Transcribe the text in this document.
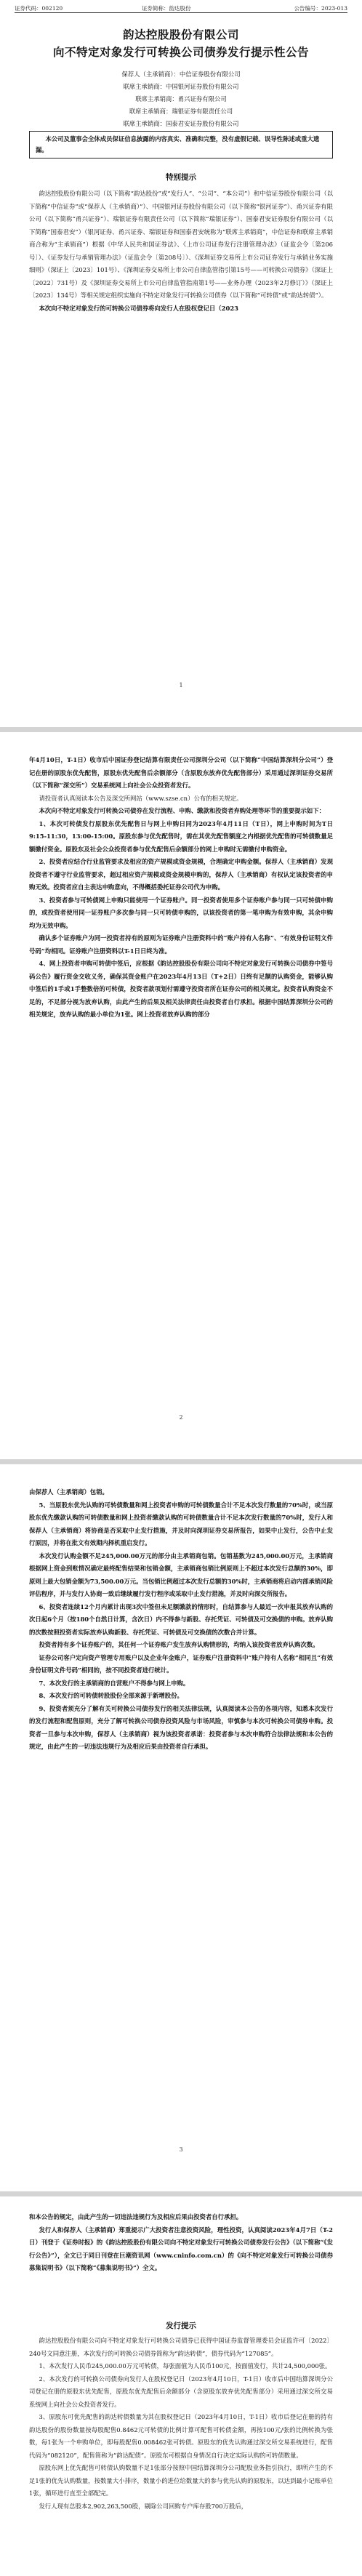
证券代码：002120	证券简称：韵达股份	公告编号：2023-013
韵达控股股份有限公司
向不特定对象发行可转换公司债券发行提示性公告
保荐人（主承销商）：中信证券股份有限公司
联席主承销商：中国银河证券股份有限公司
联席主承销商：甬兴证券有限公司
联席主承销商：瑞银证券有限责任公司
联席主承销商：国泰君安证券股份有限公司
本公司及董事会全体成员保证信息披露的内容真实、准确和完整，没有虚假记载、误导性陈述或重大遗漏。
特别提示

韵达控股股份有限公司（以下简称“韵达股份”或“发行人”、“公司”、“本公司”）和中信证券股份有限公司（以下简称“中信证券”或“保荐人（主承销商）”）、中国银河证券股份有限公司（以下简称“银河证券”）、甬兴证券有限公司（以下简称“甬兴证券”）、瑞银证券有限责任公司（以下简称“瑞银证券”）、国泰君安证券股份有限公司（以下简称“国泰君安”）（银河证券、甬兴证券、瑞银证券和国泰君安统称为“联席主承销商”，中信证券和联席主承销商合称为“主承销商”）根据《中华人民共和国证券法》、《上市公司证券发行注册管理办法》（证监会令〔第206号〕）、《证券发行与承销管理办法》（证监会令〔第208号〕）、《深圳证券交易所上市公司证券发行与承销业务实施细则》（深证上〔2023〕101号）、《深圳证券交易所上市公司自律监管指引第15号——可转换公司债券》（深证上〔2022〕731号）及《深圳证券交易所上市公司自律监管指南第1号——业务办理（2023年2月修订）》（深证上〔2023〕134号）等相关规定组织实施向不特定对象发行可转换公司债券（以下简称“可转债”或“韵达转债”）。

本次向不特定对象发行的可转换公司债券将向发行人在股权登记日（2023

1

年4月10日，T-1日）收市后中国证券登记结算有限责任公司深圳分公司（以下简称“中国结算深圳分公司”）登记在册的原股东优先配售，原股东优先配售后余额部分（含原股东放弃优先配售部分）采用通过深圳证券交易所（以下简称“深交所”）交易系统网上向社会公众投资者发行。

请投资者认真阅读本公告及深交所网站（www.szse.cn）公布的相关规定。

本次向不特定对象发行可转换公司债券在发行流程、申购、缴款和投资者弃购处理等环节的重要提示如下：

1、本次可转债发行原股东优先配售日与网上申购日同为2023年4月11日（T日），网上申购时间为T日9:15-11:30，13:00-15:00。原股东参与优先配售时，需在其优先配售额度之内根据优先配售的可转债数量足额缴付资金。原股东及社会公众投资者参与优先配售后余额部分的网上申购时无需缴付申购资金。

2、投资者应结合行业监管要求及相应的资产规模或资金规模，合理确定申购金额。保荐人（主承销商）发现投资者不遵守行业监管要求，超过相应资产规模或资金规模申购的，保荐人（主承销商）有权认定该投资者的申购无效。投资者应自主表达申购意向，不得概括委托证券公司代为申购。

3、投资者参与可转债网上申购只能使用一个证券账户。同一投资者使用多个证券账户参与同一只可转债申购的，或投资者使用同一证券账户多次参与同一只可转债申购的，以该投资者的第一笔申购为有效申购，其余申购均为无效申购。

确认多个证券账户为同一投资者持有的原则为证券账户注册资料中的“账户持有人名称”、“有效身份证明文件号码”均相同。证券账户注册资料以T-1日日终为准。

4、网上投资者申购可转债中签后，应根据《韵达控股股份有限公司向不特定对象发行可转换公司债券中签号码公告》履行资金交收义务，确保其资金账户在2023年4月13日（T+2日）日终有足额的认购资金，能够认购中签后的1手或1手整数倍的可转债，投资者款项划付需遵守投资者所在证券公司的相关规定。投资者认购资金不足的，不足部分视为放弃认购，由此产生的后果及相关法律责任由投资者自行承担。根据中国结算深圳分公司的相关规定，放弃认购的最小单位为1张。网上投资者放弃认购的部分

2

由保荐人（主承销商）包销。

5、当原股东优先认购的可转债数量和网上投资者申购的可转债数量合计不足本次发行数量的70%时，或当原股东优先缴款认购的可转债数量和网上投资者缴款认购的可转债数量合计不足本次发行数量的70%时，发行人和保荐人（主承销商）将协商是否采取中止发行措施，并及时向深圳证券交易所报告，如果中止发行，公告中止发行原因，并将在批文有效期内择机重启发行。

本次发行认购金额不足245,000.00万元的部分由主承销商包销。包销基数为245,000.00万元，主承销商根据网上资金到账情况确定最终配售结果和包销金额，主承销商包销比例原则上不超过本次发行总额的30%，即原则上最大包销金额为73,500.00万元。当包销比例超过本次发行总额的30%时，主承销商将启动内部承销风险评估程序，并与发行人协商一致后继续履行发行程序或采取中止发行措施，并及时向深交所报告。

6、投资者连续12个月内累计出现3次中签但未足额缴款的情形时，自结算参与人最近一次申报其放弃认购的次日起6个月（按180个自然日计算，含次日）内不得参与新股、存托凭证、可转债及可交换债的申购。放弃认购的次数按照投资者实际放弃认购新股、存托凭证、可转债及可交换债的次数合并计算。

投资者持有多个证券账户的，其任何一个证券账户发生放弃认购情形的，均纳入该投资者放弃认购次数。

证券公司客户定向资产管理专用账户以及企业年金账户，证券账户注册资料中“账户持有人名称”相同且“有效身份证明文件号码”相同的，按不同投资者进行统计。

7、本次发行的主承销商的自营账户不得参与网上申购。

8、本次发行的可转债转股股份全部来源于新增股份。

9、投资者须充分了解有关可转换公司债券发行的相关法律法规，认真阅读本公告的各项内容，知悉本次发行的发行流程和配售原则，充分了解可转换公司债券投资风险与市场风险，审慎参与本次可转换公司债券申购。投资者一旦参与本次申购，保荐人（主承销商）视为该投资者承诺：投资者参与本次申购符合法律法规和本公告的规定，由此产生的一切违法违规行为及相应后果由投资者自行承担。

3

和本公告的规定，由此产生的一切违法违规行为及相应后果由投资者自行承担。

发行人和保荐人（主承销商）郑重提示广大投资者注意投资风险，理性投资，认真阅读2023年4月7日（T-2日）刊登于《证券时报》的《韵达控股股份有限公司向不特定对象发行可转换公司债券发行公告》（以下简称“《发行公告》”），全文已于同日刊登在巨潮资讯网（www.cninfo.com.cn）的《向不特定对象发行可转换公司债券募集说明书》（以下简称“《募集说明书》”）全文。

发行提示

韵达控股股份有限公司向不特定对象发行可转换公司债券已获得中国证券监督管理委员会证监许可〔2022〕240号文同意注册，本次发行的可转换公司债券简称为“韵达转债”，债券代码为“127085”。

1、本次发行人民币245,000.00万元可转债，每张面值为人民币100元，按面值发行，共计24,500,000张。

2、本次发行的可转换公司债券向发行人在股权登记日（2023年4月10日，T-1日）收市后中国结算深圳分公司登记在册的原股东优先配售，原股东优先配售后余额部分（含原股东放弃优先配售部分）采用通过深交所交易系统网上向社会公众投资者发行。

3、原股东可优先配售的韵达转债数量为其在股权登记日（2023年4月10日，T-1日）收市后登记在册的持有韵达股份的股份数量按每股配售0.8462元可转债的比例计算可配售可转债金额，再按100元/张的比例转换为张数，每1张为一个申购单位，即每股配售0.008462张可转债。原股东的优先认购通过深交所交易系统进行，配售代码为“082120”，配售简称为“韵达配债”。原股东可根据自身情况自行决定实际认购的可转债数量。

原股东网上优先配售可转债认购数量不足1张部分按照中国结算深圳分公司配股业务指引执行，即所产生的不足1张的优先认购数量，按数量大小排序，数量小的进位给数量大的参与优先认购的原股东，以达到最小记账单位1张，循环进行直至全部配完。

发行人现有总股本2,902,263,500股，剔除公司回购专户库存股700万股后，
